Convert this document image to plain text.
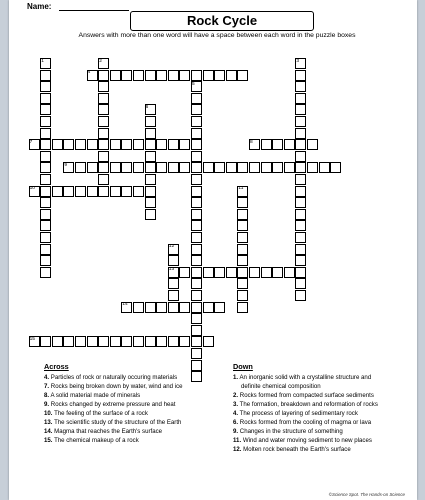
Name:
Rock Cycle
Answers with more than one word will have a space between each word in the puzzle boxes
Across
4. Particles of rock or naturally occuring materials
7. Rocks being broken down by water, wind and ice
8. A solid material made of minerals
9. Rocks changed by extreme pressure and heat
10. The feeling of the surface of a rock
13. The scientific study of the structure of the Earth
14. Magma that reaches the Earth's surface
15. The chemical makeup of a rock
Down
1. An inorganic solid with a crystalline structure and
definite chemical composition
2. Rocks formed from compacted surface sediments
3. The formation, breakdown and reformation of rocks
4. The process of layering of sedimentary rock
6. Rocks formed from the cooling of magma or lava
9. Changes in the structure of something
11. Wind and water moving sediment to new places
12. Molten rock beneath the Earth's surface
©Science Spot. The Hands-on Science
1	2	3
4
5
6
7	8
9
10	11
12
13
14
15
